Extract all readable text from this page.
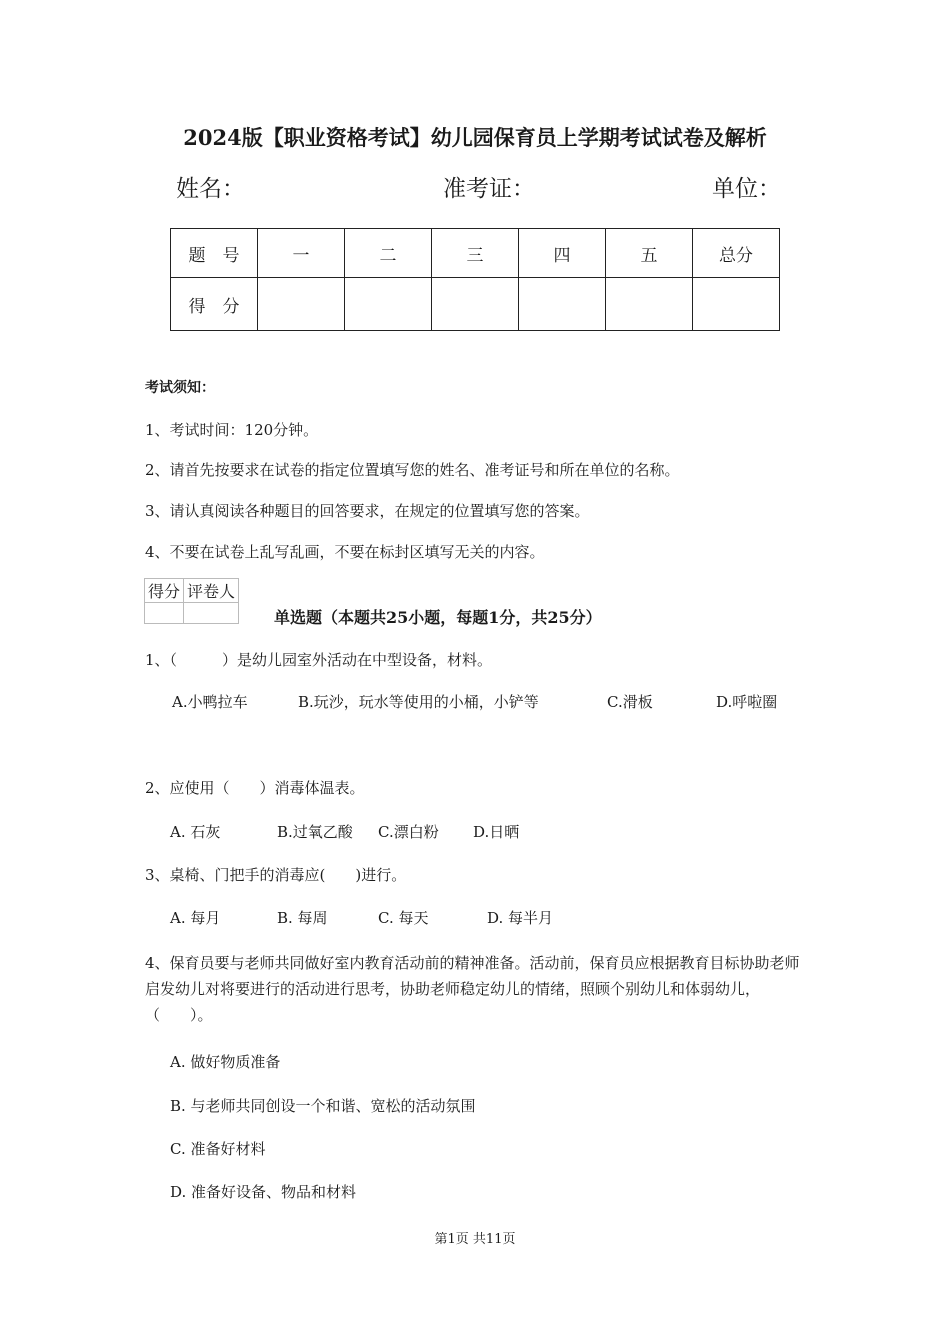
2024版【职业资格考试】幼儿园保育员上学期考试试卷及解析
姓名：	准考证：	单位：
题　号	一	二	三	四	五	总分
得　分						
考试须知：
1、考试时间：120分钟。
2、请首先按要求在试卷的指定位置填写您的姓名、准考证号和所在单位的名称。
3、请认真阅读各种题目的回答要求，在规定的位置填写您的答案。
4、不要在试卷上乱写乱画，不要在标封区填写无关的内容。
得分	评卷人

单选题（本题共25小题，每题1分，共25分）
1、（　　　）是幼儿园室外活动在中型设备，材料。
A.小鸭拉车	B.玩沙，玩水等使用的小桶，小铲等	C.滑板	D.呼啦圈
2、应使用（　　）消毒体温表。
A. 石灰	B.过氧乙酸 C.漂白粉 D.日晒
3、桌椅、门把手的消毒应(　　)进行。
A. 每月	B. 每周	C. 每天	D. 每半月
4、保育员要与老师共同做好室内教育活动前的精神准备。活动前，保育员应根据教育目标协助老师启发幼儿对将要进行的活动进行思考，协助老师稳定幼儿的情绪，照顾个别幼儿和体弱幼儿，（　　）。
A. 做好物质准备
B. 与老师共同创设一个和谐、宽松的活动氛围
C. 准备好材料
D. 准备好设备、物品和材料
第1页 共11页
